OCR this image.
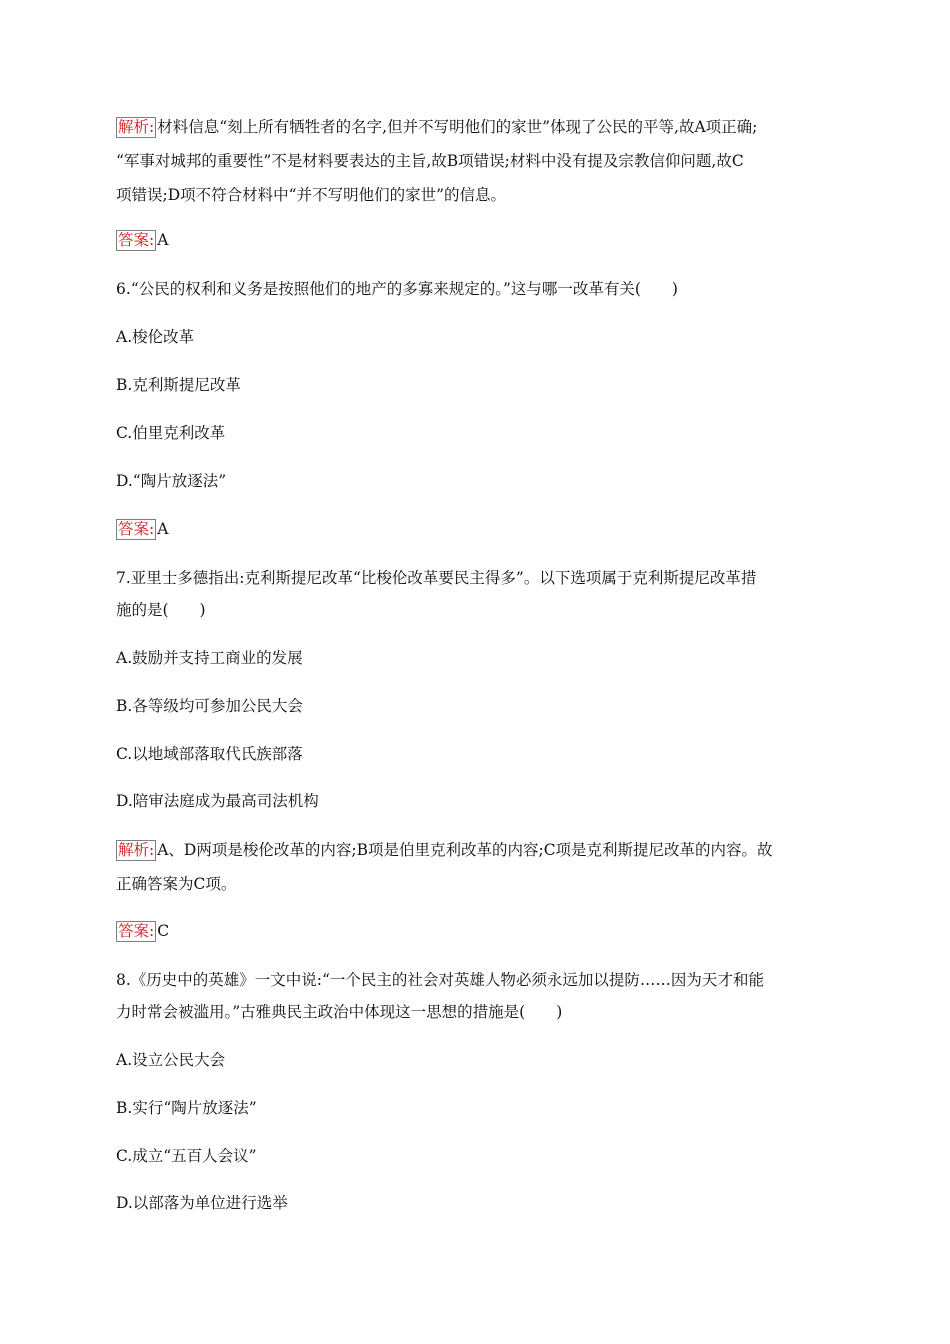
解析: 材料信息“刻上所有牺牲者的名字,但并不写明他们的家世”体现了公民的平等,故A项正确;
“军事对城邦的重要性”不是材料要表达的主旨,故B项错误;材料中没有提及宗教信仰问题,故C
项错误;D项不符合材料中“并不写明他们的家世”的信息。
答案: A
6.“公民的权利和义务是按照他们的地产的多寡来规定的。”这与哪一改革有关(　　)
A.梭伦改革
B.克利斯提尼改革
C.伯里克利改革
D.“陶片放逐法”
答案: A
7.亚里士多德指出:克利斯提尼改革“比梭伦改革要民主得多”。以下选项属于克利斯提尼改革措
施的是(　　)
A.鼓励并支持工商业的发展
B.各等级均可参加公民大会
C.以地域部落取代氏族部落
D.陪审法庭成为最高司法机构
解析: A、D两项是梭伦改革的内容;B项是伯里克利改革的内容;C项是克利斯提尼改革的内容。故
正确答案为C项。
答案: C
8.《历史中的英雄》一文中说:“一个民主的社会对英雄人物必须永远加以提防……因为天才和能
力时常会被滥用。”古雅典民主政治中体现这一思想的措施是(　　)
A.设立公民大会
B.实行“陶片放逐法”
C.成立“五百人会议”
D.以部落为单位进行选举
